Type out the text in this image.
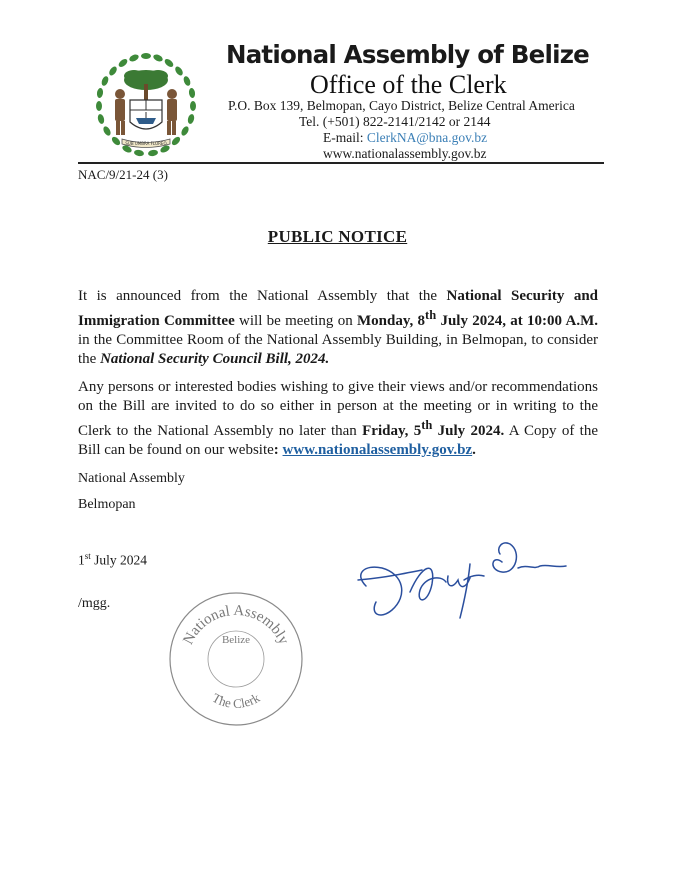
SUB UMBRA FLOREO
National Assembly of Belize
Office of the Clerk
P.O. Box 139, Belmopan, Cayo District, Belize Central America
Tel. (+501) 822-2141/2142 or 2144
E-mail: ClerkNA@bna.gov.bz
www.nationalassembly.gov.bz
NAC/9/21-24 (3)
PUBLIC NOTICE
It is announced from the National Assembly that the National Security and Immigration Committee will be meeting on Monday, 8th July 2024, at 10:00 A.M. in the Committee Room of the National Assembly Building, in Belmopan, to consider the National Security Council Bill, 2024.
Any persons or interested bodies wishing to give their views and/or recommendations on the Bill are invited to do so either in person at the meeting or in writing to the Clerk to the National Assembly no later than Friday, 5th July 2024. A Copy of the Bill can be found on our website: www.nationalassembly.gov.bz.
National Assembly
Belmopan
1st July 2024
/mgg.
National Assembly
Belize
The Clerk
